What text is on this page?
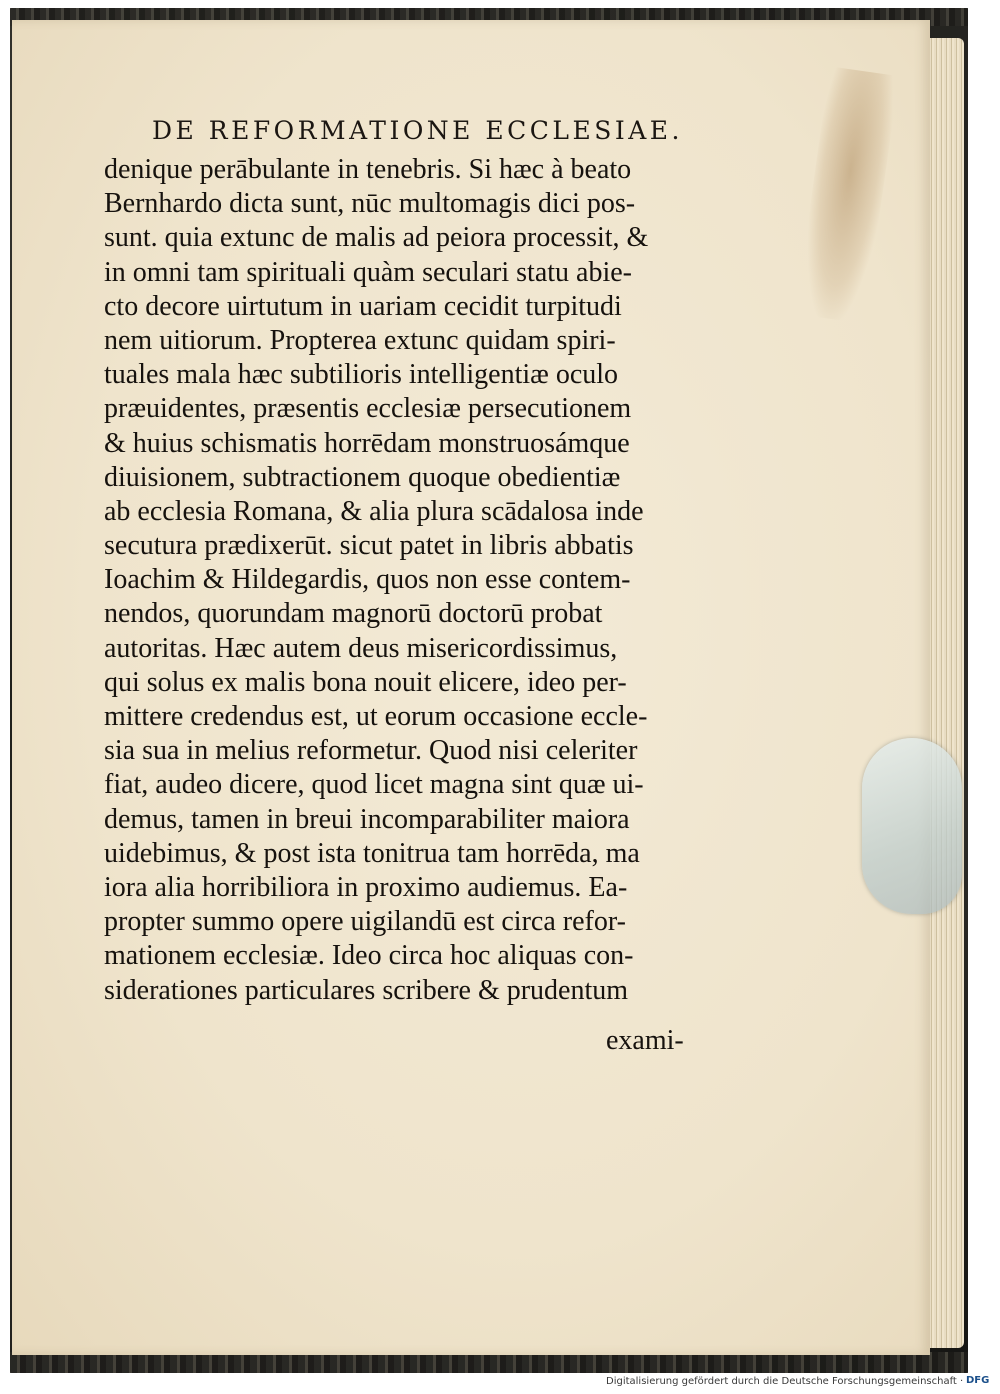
DE REFORMATIONE ECCLESIAE.
denique perābulante in tenebris. Si hæc à beato
Bernhardo dicta sunt, nūc multomagis dici pos-
sunt. quia extunc de malis ad peiora processit, &
in omni tam spirituali quàm seculari statu abie-
cto decore uirtutum in uariam cecidit turpitudi
nem uitiorum. Propterea extunc quidam spiri-
tuales mala hæc subtilioris intelligentiæ oculo
præuidentes, præsentis ecclesiæ persecutionem
& huius schismatis horrēdam monstruosámque
diuisionem, subtractionem quoque obedientiæ
ab ecclesia Romana, & alia plura scādalosa inde
secutura prædixerūt. sicut patet in libris abbatis
Ioachim & Hildegardis, quos non esse contem-
nendos, quorundam magnorū doctorū probat
autoritas. Hæc autem deus misericordissimus,
qui solus ex malis bona nouit elicere, ideo per-
mittere credendus est, ut eorum occasione eccle-
sia sua in melius reformetur. Quod nisi celeriter
fiat, audeo dicere, quod licet magna sint quæ ui-
demus, tamen in breui incomparabiliter maiora
uidebimus, & post ista tonitrua tam horrēda, ma
iora alia horribiliora in proximo audiemus. Ea-
propter summo opere uigilandū est circa refor-
mationem ecclesiæ. Ideo circa hoc aliquas con-
siderationes particulares scribere & prudentum
exami-
Digitalisierung gefördert durch die Deutsche Forschungsgemeinschaft · DFG
